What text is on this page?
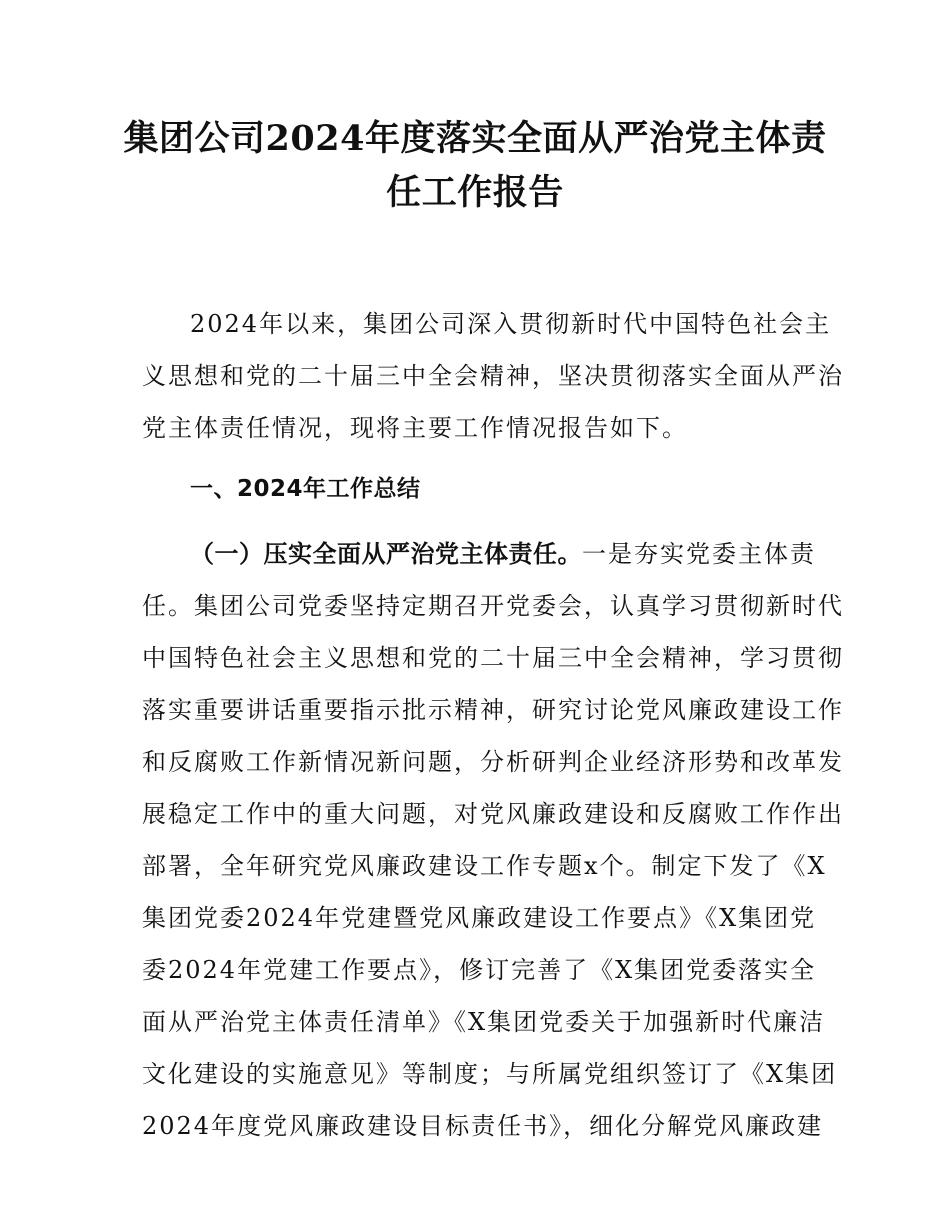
集团公司2024年度落实全面从严治党主体责
任工作报告

2024年以来，集团公司深入贯彻新时代中国特色社会主
义思想和党的二十届三中全会精神，坚决贯彻落实全面从严治
党主体责任情况，现将主要工作情况报告如下。

一、2024年工作总结

（一）压实全面从严治党主体责任。一是夯实党委主体责
任。集团公司党委坚持定期召开党委会，认真学习贯彻新时代
中国特色社会主义思想和党的二十届三中全会精神，学习贯彻
落实重要讲话重要指示批示精神，研究讨论党风廉政建设工作
和反腐败工作新情况新问题，分析研判企业经济形势和改革发
展稳定工作中的重大问题，对党风廉政建设和反腐败工作作出
部署，全年研究党风廉政建设工作专题x个。制定下发了《X
集团党委2024年党建暨党风廉政建设工作要点》《X集团党
委2024年党建工作要点》，修订完善了《X集团党委落实全
面从严治党主体责任清单》《X集团党委关于加强新时代廉洁
文化建设的实施意见》等制度；与所属党组织签订了《X集团
2024年度党风廉政建设目标责任书》，细化分解党风廉政建
